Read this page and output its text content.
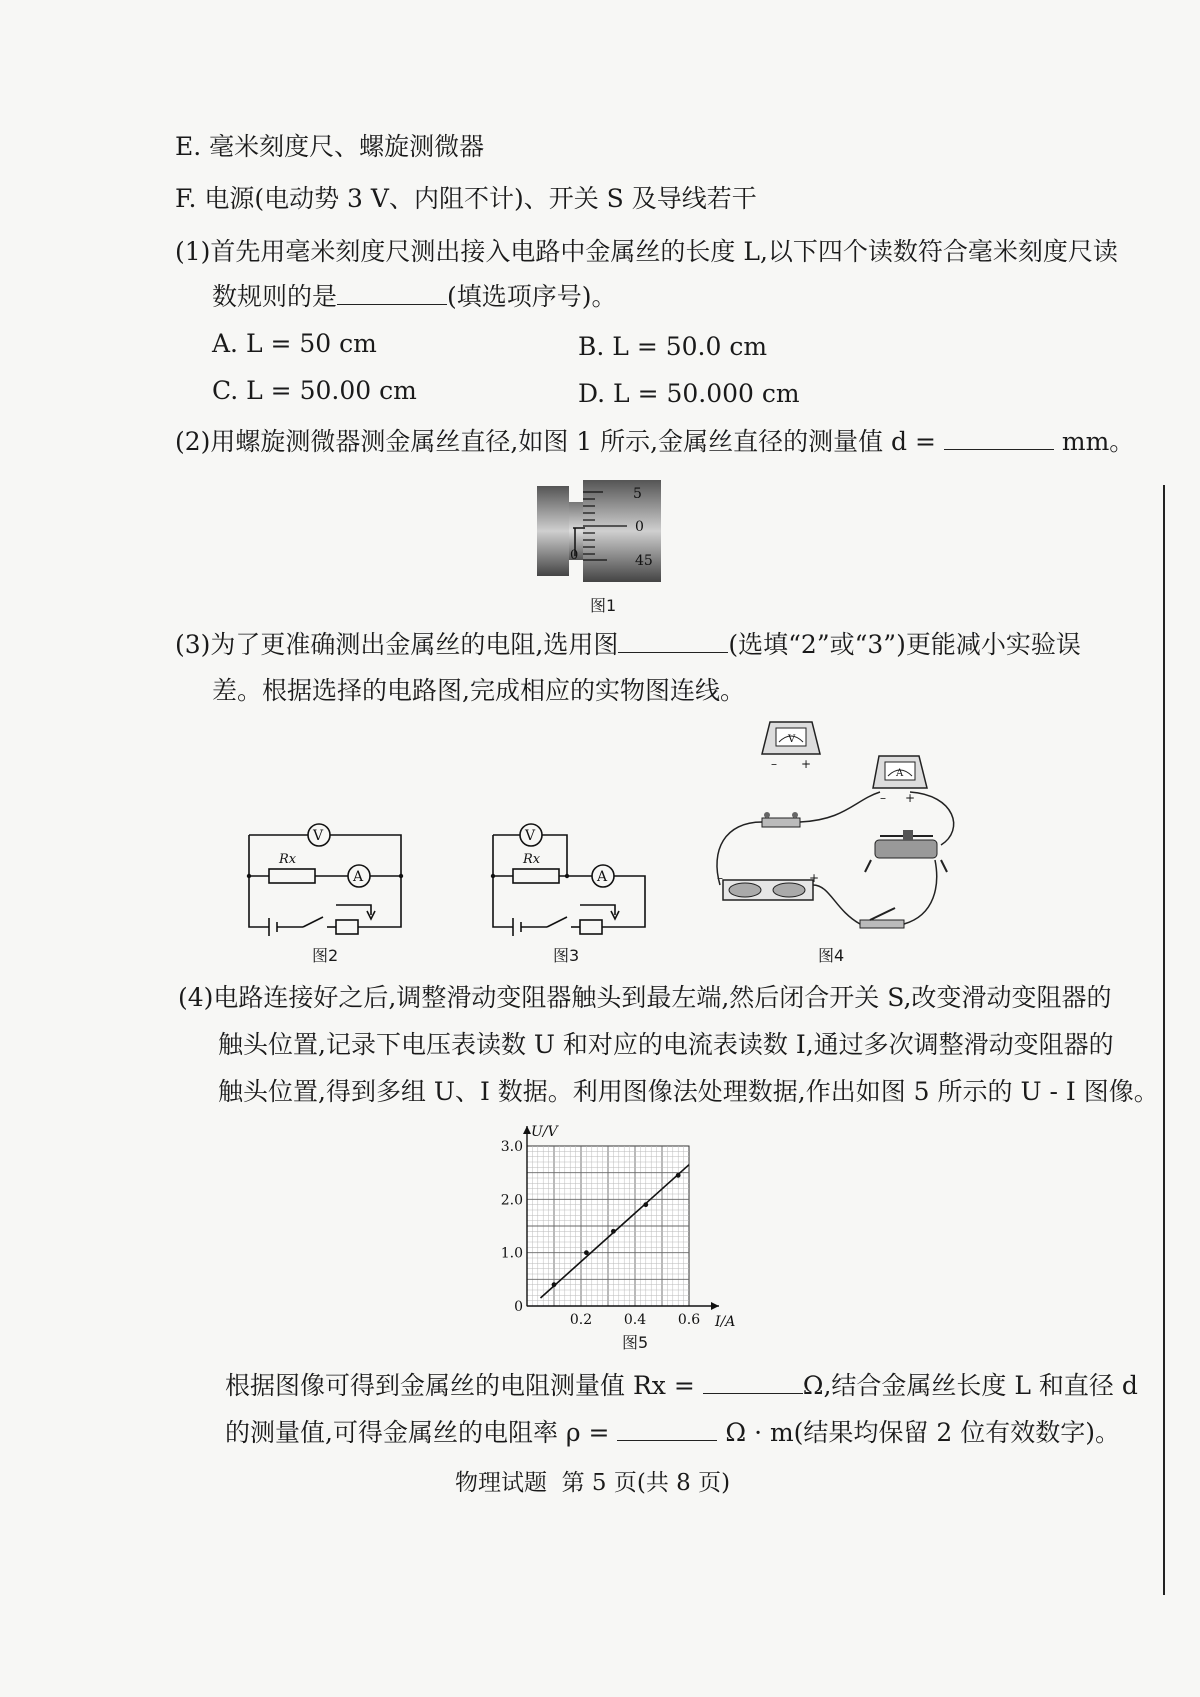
E. 毫米刻度尺、螺旋测微器
F. 电源(电动势 3 V、内阻不计)、开关 S 及导线若干
(1)首先用毫米刻度尺测出接入电路中金属丝的长度 L,以下四个读数符合毫米刻度尺读
数规则的是	(填选项序号)。
A. L = 50 cm	B. L = 50.0 cm
C. L = 50.00 cm	D. L = 50.000 cm
(2)用螺旋测微器测金属丝直径,如图 1 所示,金属丝直径的测量值 d =	mm。
5
0
45
0
图1
(3)为了更准确测出金属丝的电阻,选用图	(选填“2”或“3”)更能减小实验误
差。根据选择的电路图,完成相应的实物图连线。
V
A
Rx
图2
V
A
Rx
图3
V
– +
A
– +
–	+
图4
(4)电路连接好之后,调整滑动变阻器触头到最左端,然后闭合开关 S,改变滑动变阻器的
触头位置,记录下电压表读数 U 和对应的电流表读数 I,通过多次调整滑动变阻器的
触头位置,得到多组 U、I 数据。利用图像法处理数据,作出如图 5 所示的 U - I 图像。
0
1.0
2.0
3.0
0.2 0.4 0.6
U/V
I/A
图5
根据图像可得到金属丝的电阻测量值 Rx =	Ω,结合金属丝长度 L 和直径 d
的测量值,可得金属丝的电阻率 ρ =	Ω · m(结果均保留 2 位有效数字)。
物理试题  第 5 页(共 8 页)
